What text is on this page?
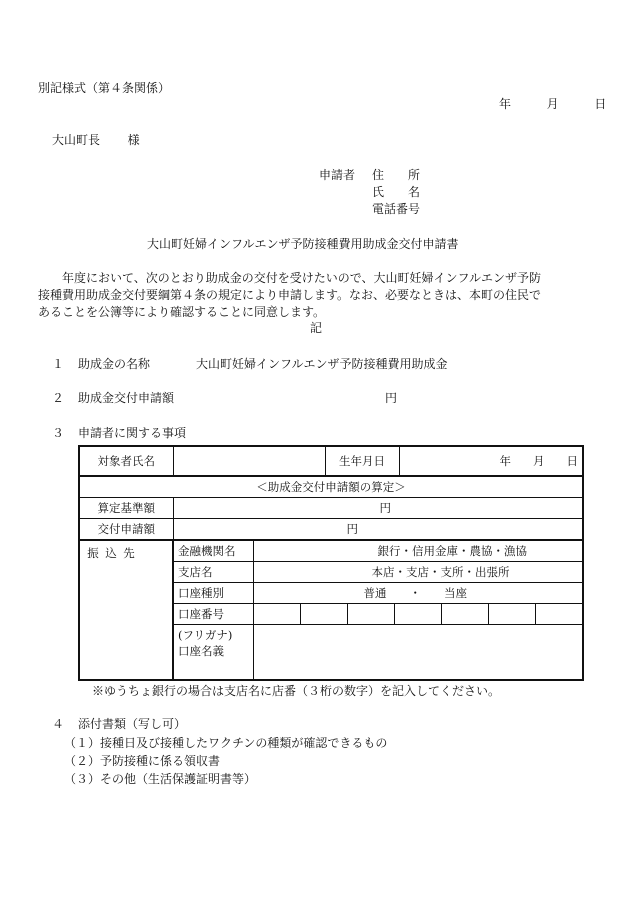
別記様式（第４条関係）
年	月	日
大山町長 様
申請者 住　　所
氏　　名
電話番号
大山町妊婦インフルエンザ予防接種費用助成金交付申請書
　　年度において、次のとおり助成金の交付を受けたいので、大山町妊婦インフルエンザ予防
接種費用助成金交付要綱第４条の規定により申請します。なお、必要なときは、本町の住民で
あることを公簿等により確認することに同意します。
記
１ 助成金の名称	大山町妊婦インフルエンザ予防接種費用助成金
２ 助成金交付申請額	円
３ 申請者に関する事項
対象者氏名		生年月日	年 月 日
＜助成金交付申請額の算定＞
算定基準額	円
交付申請額	円
振 込 先	金融機関名	銀行・信用金庫・農協・漁協
支店名	本店・支店・支所・出張所
口座種別	普通　　・　　当座
口座番号	

(フリガナ)
口座名義

※ゆうちょ銀行の場合は支店名に店番（３桁の数字）を記入してください。
４ 添付書類（写し可）
（１）接種日及び接種したワクチンの種類が確認できるもの
（２）予防接種に係る領収書
（３）その他（生活保護証明書等）
